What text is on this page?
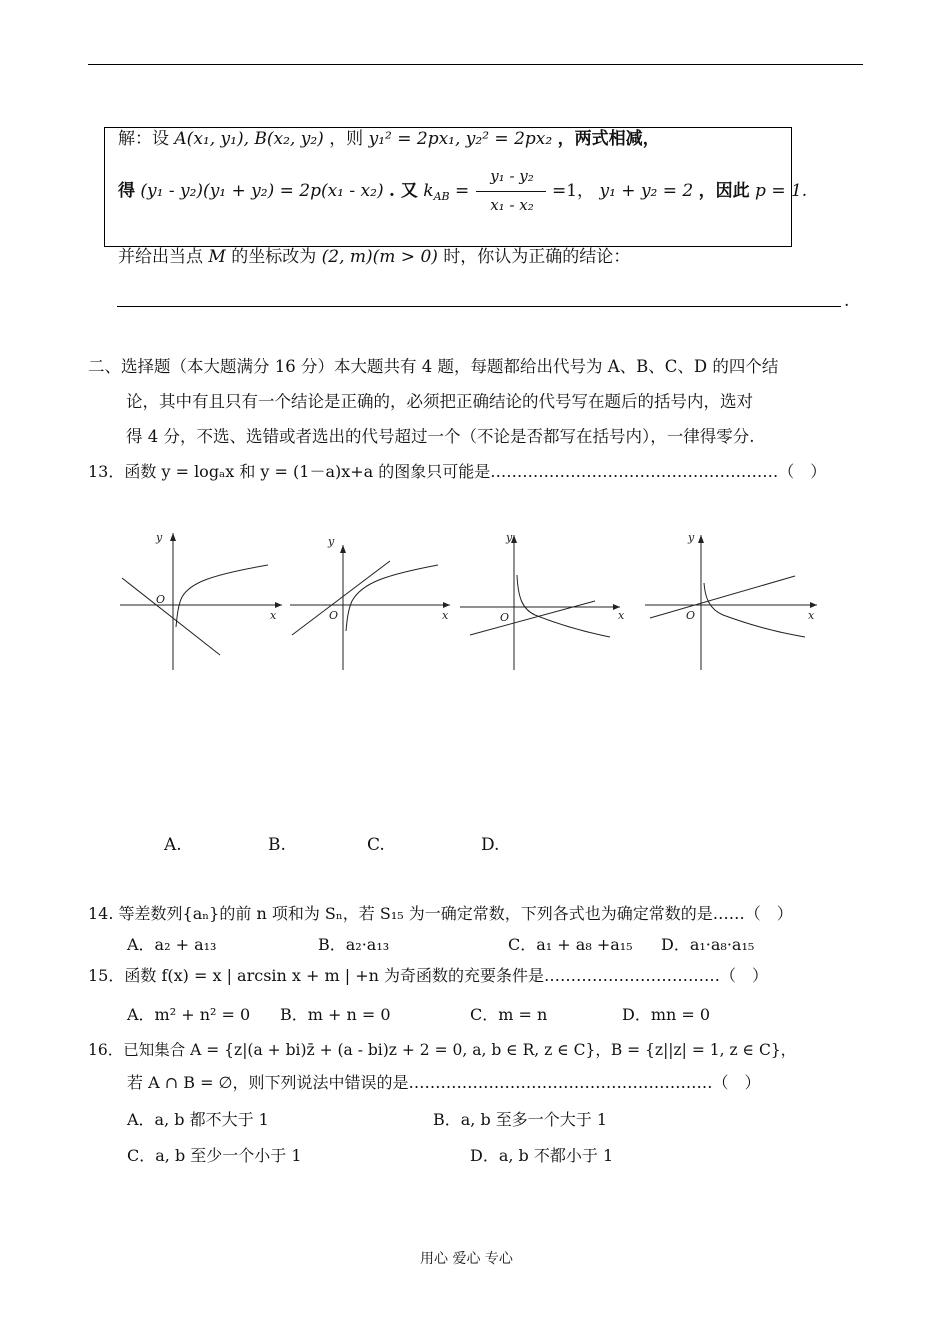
解：设 A(x₁, y₁), B(x₂, y₂) ，则 y₁² = 2px₁, y₂² = 2px₂ ，两式相减，
得 (y₁ - y₂)(y₁ + y₂) = 2p(x₁ - x₂) . 又 $k_{AB}$ =
y₁ - y₂
x₁ - x₂
=1， y₁ + y₂ = 2 ，因此 p = 1.
并给出当点 M 的坐标改为 (2, m)(m > 0) 时，你认为正确的结论：
.
二、选择题（本大题满分 16 分）本大题共有 4 题，每题都给出代号为 A、B、C、D 的四个结
论，其中有且只有一个结论是正确的，必须把正确结论的代号写在题后的括号内，选对
得 4 分，不选、选错或者选出的代号超过一个（不论是否都写在括号内），一律得零分.
13．函数 y = logₐx 和 y = (1－a)x+a 的图象只可能是………………………………………………（　）
y
x
O
y
x
O
y
x
O
y
x
O
A.	B.	C.	D.
14. 等差数列{aₙ}的前 n 项和为 Sₙ，若 S₁₅ 为一确定常数，下列各式也为确定常数的是……（　）
A．a₂ + a₁₃	B．a₂·a₁₃	C．a₁ + a₈ +a₁₅ D．a₁·a₈·a₁₅
15．函数 f(x) = x | arcsin x + m | +n 为奇函数的充要条件是……………………………（　）
A．m² + n² = 0 B．m + n = 0	C．m = n	D．mn = 0
16．已知集合 A = {z|(a + bi)z̄ + (a - bi)z + 2 = 0, a, b ∈ R, z ∈ C}，B = {z||z| = 1, z ∈ C}，
若 A ∩ B = ∅，则下列说法中错误的是…………………………………………………（　）
A．a, b 都不大于 1	B．a, b 至多一个大于 1
C．a, b 至少一个小于 1	D．a, b 不都小于 1
用心 爱心 专心
